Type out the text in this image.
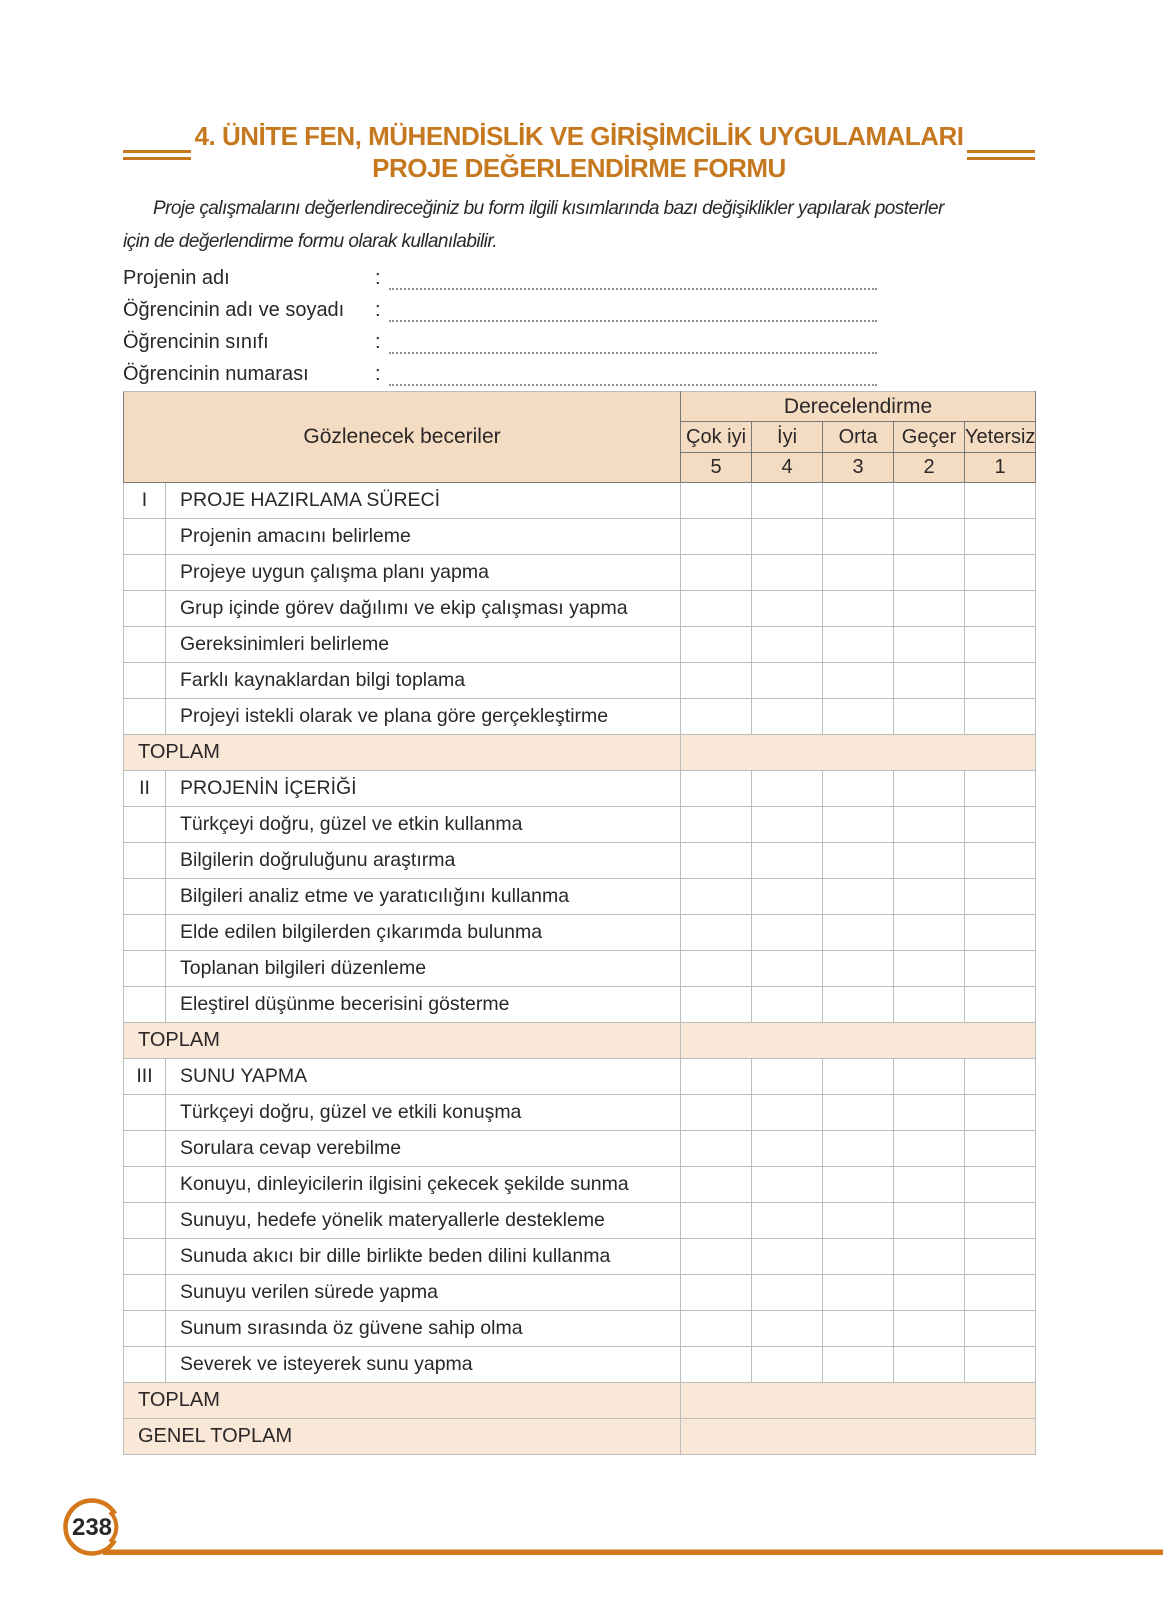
4. ÜNİTE FEN, MÜHENDİSLİK VE GİRİŞİMCİLİK UYGULAMALARI
PROJE DEĞERLENDİRME FORMU
Proje çalışmalarını değerlendireceğiniz bu form ilgili kısımlarında bazı değişiklikler yapılarak posterler
için de değerlendirme formu olarak kullanılabilir.
Projenin adı	:
Öğrencinin adı ve soyadı	:
Öğrencinin sınıfı	:
Öğrencinin numarası	:
Gözlenecek beceriler		Derecelendirme				
		Çok iyi	İyi	Orta	Geçer	Yetersiz
		5	4	3	2	1
I	PROJE HAZIRLAMA SÜRECİ					
	Projenin amacını belirleme					
	Projeye uygun çalışma planı yapma					
	Grup içinde görev dağılımı ve ekip çalışması yapma					
	Gereksinimleri belirleme					
	Farklı kaynaklardan bilgi toplama					
	Projeyi istekli olarak ve plana göre gerçekleştirme					
TOPLAM						
II	PROJENİN İÇERİĞİ					
	Türkçeyi doğru, güzel ve etkin kullanma					
	Bilgilerin doğruluğunu araştırma					
	Bilgileri analiz etme ve yaratıcılığını kullanma					
	Elde edilen bilgilerden çıkarımda bulunma					
	Toplanan bilgileri düzenleme					
	Eleştirel düşünme becerisini gösterme					
TOPLAM						
III	SUNU YAPMA					
	Türkçeyi doğru, güzel ve etkili konuşma					
	Sorulara cevap verebilme					
	Konuyu, dinleyicilerin ilgisini çekecek şekilde sunma					
	Sunuyu, hedefe yönelik materyallerle destekleme					
	Sunuda akıcı bir dille birlikte beden dilini kullanma					
	Sunuyu verilen sürede yapma					
	Sunum sırasında öz güvene sahip olma					
	Severek ve isteyerek sunu yapma					
TOPLAM						
GENEL TOPLAM						
238
